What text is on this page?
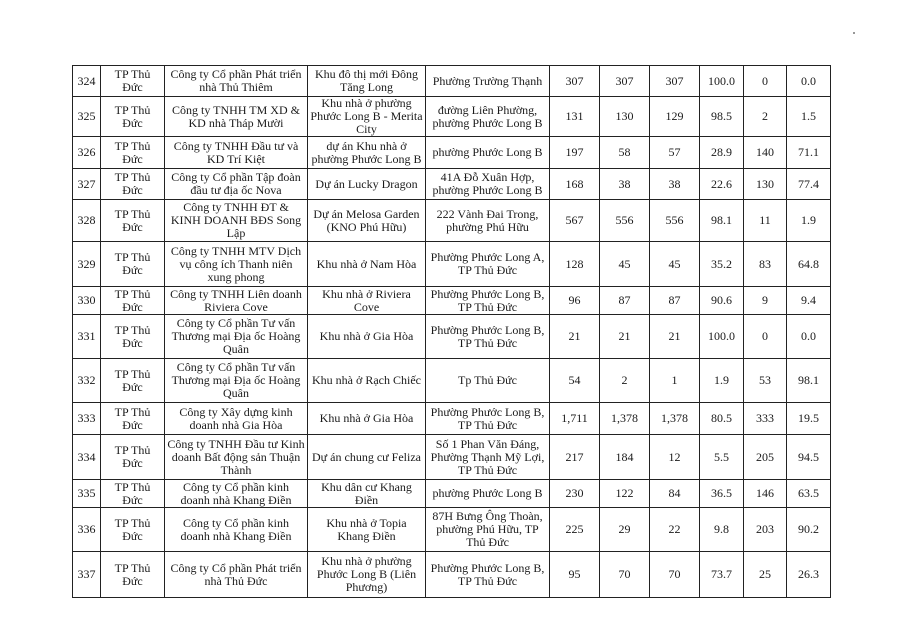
324	TP Thủ Đức	Công ty Cổ phần Phát triển nhà Thủ Thiêm	Khu đô thị mới Đông Tăng Long	Phường Trường Thạnh	307	307	307	100.0	0	0.0
325	TP Thủ Đức	Công ty TNHH TM XD & KD nhà Tháp Mười	Khu nhà ở phường Phước Long B - Merita City	đường Liên Phường, phường Phước Long B	131	130	129	98.5	2	1.5
326	TP Thủ Đức	Công ty TNHH Đầu tư và KD Trí Kiệt	dự án Khu nhà ở phường Phước Long B	phường Phước Long B	197	58	57	28.9	140	71.1
327	TP Thủ Đức	Công ty Cổ phần Tập đoàn đầu tư địa ốc Nova	Dự án Lucky Dragon	41A Đỗ Xuân Hợp, phường Phước Long B	168	38	38	22.6	130	77.4
328	TP Thủ Đức	Công ty TNHH ĐT & KINH DOANH BĐS Song Lập	Dự án Melosa Garden (KNO Phú Hữu)	222 Vành Đai Trong, phường Phú Hữu	567	556	556	98.1	11	1.9
329	TP Thủ Đức	Công ty TNHH MTV Dịch vụ công ích Thanh niên xung phong	Khu nhà ở Nam Hòa	Phường Phước Long A, TP Thủ Đức	128	45	45	35.2	83	64.8
330	TP Thủ Đức	Công ty TNHH Liên doanh Riviera Cove	Khu nhà ở Riviera Cove	Phường Phước Long B, TP Thủ Đức	96	87	87	90.6	9	9.4
331	TP Thủ Đức	Công ty Cổ phần Tư vấn Thương mại Địa ốc Hoàng Quân	Khu nhà ở Gia Hòa	Phường Phước Long B, TP Thủ Đức	21	21	21	100.0	0	0.0
332	TP Thủ Đức	Công ty Cổ phần Tư vấn Thương mại Địa ốc Hoàng Quân	Khu nhà ở Rạch Chiếc	Tp Thủ Đức	54	2	1	1.9	53	98.1
333	TP Thủ Đức	Công ty Xây dựng kinh doanh nhà Gia Hòa	Khu nhà ở Gia Hòa	Phường Phước Long B, TP Thủ Đức	1,711	1,378	1,378	80.5	333	19.5
334	TP Thủ Đức	Công ty TNHH Đầu tư Kinh doanh Bất động sản Thuận Thành	Dự án chung cư Feliza	Số 1 Phan Văn Đáng, Phường Thạnh Mỹ Lợi, TP Thủ Đức	217	184	12	5.5	205	94.5
335	TP Thủ Đức	Công ty Cổ phần kinh doanh nhà Khang Điền	Khu dân cư Khang Điền	phường Phước Long B	230	122	84	36.5	146	63.5
336	TP Thủ Đức	Công ty Cổ phần kinh doanh nhà Khang Điền	Khu nhà ở Topia Khang Điền	87H Bưng Ông Thoàn, phường Phú Hữu, TP Thủ Đức	225	29	22	9.8	203	90.2
337	TP Thủ Đức	Công ty Cổ phần Phát triển nhà Thủ Đức	Khu nhà ở phường Phước Long B (Liên Phương)	Phường Phước Long B, TP Thủ Đức	95	70	70	73.7	25	26.3
